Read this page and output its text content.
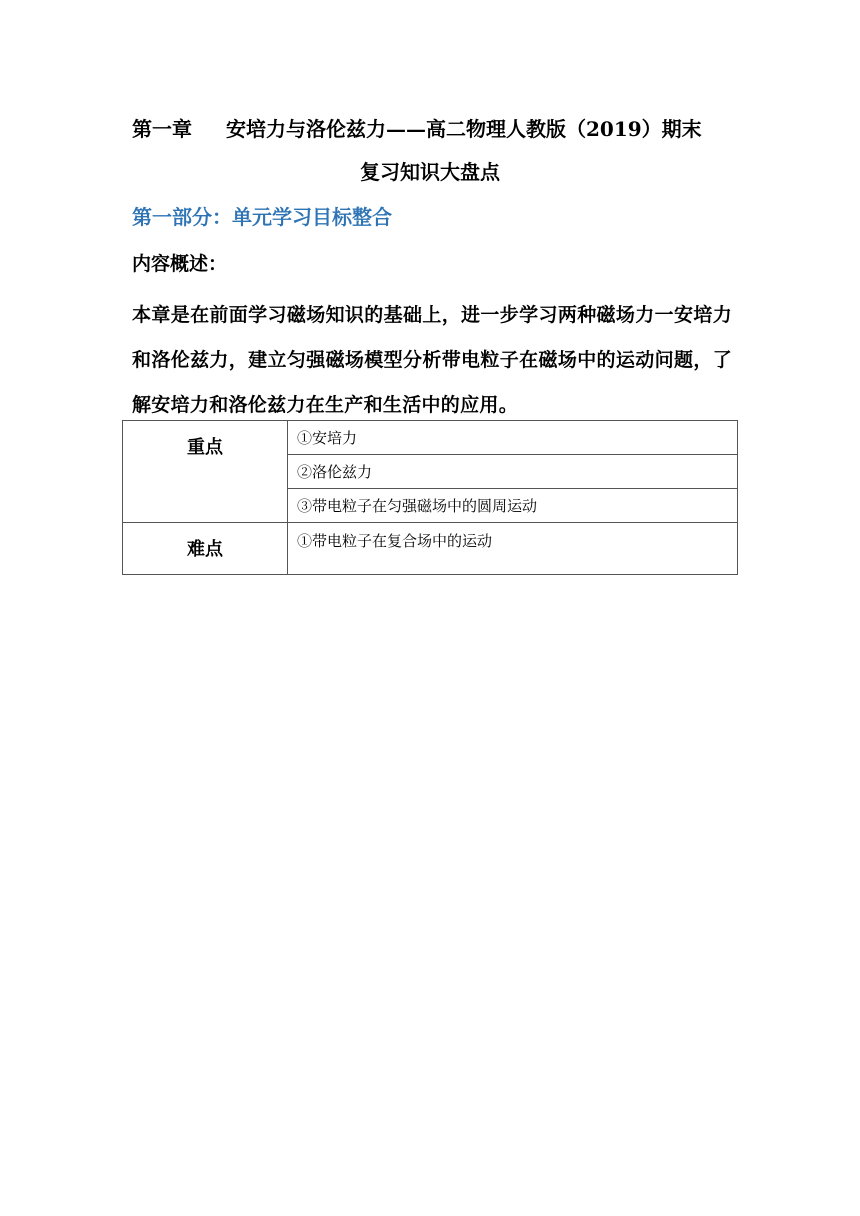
第一章 安培力与洛伦兹力——高二物理人教版（2019）期末
复习知识大盘点
第一部分：单元学习目标整合
内容概述：
本章是在前面学习磁场知识的基础上，进一步学习两种磁场力一安培力和洛伦兹力，建立匀强磁场模型分析带电粒子在磁场中的运动问题，了解安培力和洛伦兹力在生产和生活中的应用。
重点	①安培力
	②洛伦兹力
	③带电粒子在匀强磁场中的圆周运动

难点	①带电粒子在复合场中的运动
